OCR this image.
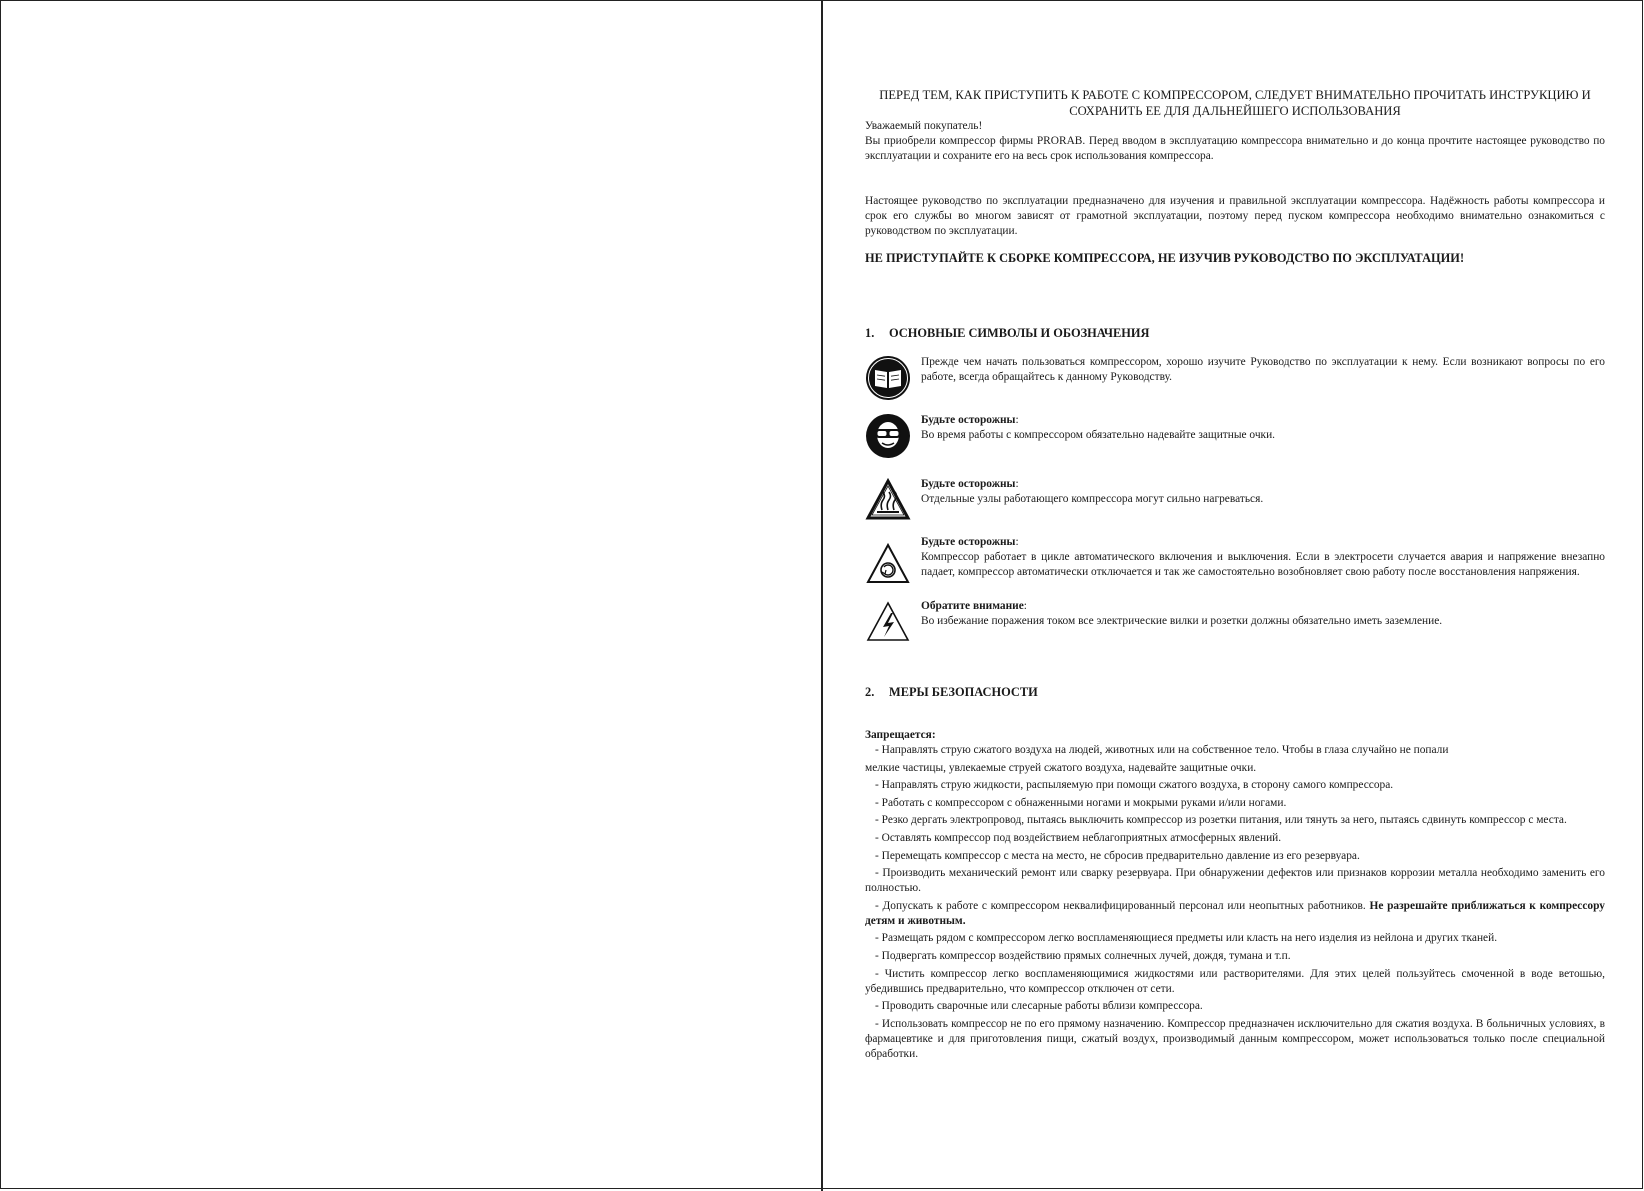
ПЕРЕД ТЕМ, КАК ПРИСТУПИТЬ К РАБОТЕ С КОМПРЕССОРОМ, СЛЕДУЕТ ВНИМАТЕЛЬНО ПРОЧИТАТЬ ИНСТРУКЦИЮ И СОХРАНИТЬ ЕЕ ДЛЯ ДАЛЬНЕЙШЕГО ИСПОЛЬЗОВАНИЯ

Уважаемый покупатель!

Вы приобрели компрессор фирмы PRORAB. Перед вводом в эксплуатацию компрессора внимательно и до конца прочтите настоящее руководство по эксплуатации и сохраните его на весь срок использования компрессора.

Настоящее руководство по эксплуатации предназначено для изучения и правильной эксплуатации компрессора. Надёжность работы компрессора и срок его службы во многом зависят от грамотной эксплуатации, поэтому перед пуском компрессора необходимо внимательно ознакомиться с руководством по эксплуатации.

НЕ ПРИСТУПАЙТЕ К СБОРКЕ КОМПРЕССОРА, НЕ ИЗУЧИВ РУКОВОДСТВО ПО ЭКСПЛУАТАЦИИ!

1. ОСНОВНЫЕ СИМВОЛЫ И ОБОЗНАЧЕНИЯ
Прежде чем начать пользоваться компрессором, хорошо изучите Руководство по эксплуатации к нему. Если возникают вопросы по его работе, всегда обращайтесь к данному Руководству.
Будьте осторожны:
Во время работы с компрессором обязательно надевайте защитные очки.
Будьте осторожны:
Отдельные узлы работающего компрессора могут сильно нагреваться.
Будьте осторожны:
Компрессор работает в цикле автоматического включения и выключения. Если в электросети случается авария и напряжение внезапно падает, компрессор автоматически отключается и так же самостоятельно возобновляет свою работу после восстановления напряжения.
Обратите внимание:
Во избежание поражения током все электрические вилки и розетки должны обязательно иметь заземление.
2. МЕРЫ БЕЗОПАСНОСТИ
Запрещается:

- Направлять струю сжатого воздуха на людей, животных или на собственное тело. Чтобы в глаза случайно не попали

мелкие частицы, увлекаемые струей сжатого воздуха, надевайте защитные очки.

- Направлять струю жидкости, распыляемую при помощи сжатого воздуха, в сторону самого компрессора.

- Работать с компрессором с обнаженными ногами и мокрыми руками и/или ногами.

- Резко дергать электропровод, пытаясь выключить компрессор из розетки питания, или тянуть за него, пытаясь сдвинуть компрессор с места.

- Оставлять компрессор под воздействием неблагоприятных атмосферных явлений.

- Перемещать компрессор с места на место, не сбросив предварительно давление из его резервуара.

- Производить механический ремонт или сварку резервуара. При обнаружении дефектов или признаков коррозии металла необходимо заменить его полностью.

- Допускать к работе с компрессором неквалифицированный персонал или неопытных работников. Не разрешайте приближаться к компрессору детям и животным.

- Размещать рядом с компрессором легко воспламеняющиеся предметы или класть на него изделия из нейлона и других тканей.

- Подвергать компрессор воздействию прямых солнечных лучей, дождя, тумана и т.п.

- Чистить компрессор легко воспламеняющимися жидкостями или растворителями. Для этих целей пользуйтесь смоченной в воде ветошью, убедившись предварительно, что компрессор отключен от сети.

- Проводить сварочные или слесарные работы вблизи компрессора.

- Использовать компрессор не по его прямому назначению. Компрессор предназначен исключительно для сжатия воздуха. В больничных условиях, в фармацевтике и для приготовления пищи, сжатый воздух, производимый данным компрессором, может использоваться только после специальной обработки.
